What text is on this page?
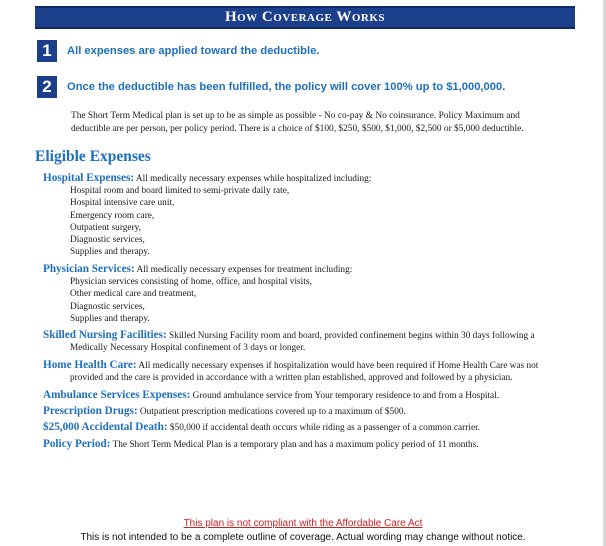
How Coverage Works
1	All expenses are applied toward the deductible.
2	Once the deductible has been fulfilled, the policy will cover 100% up to $1,000,000.
The Short Term Medical plan is set up to be as simple as possible - No co-pay & No coinsurance. Policy Maximum and
deductible are per person, per policy period. There is a choice of $100, $250, $500, $1,000, $2,500 or $5,000 deductible.
Eligible Expenses
Hospital Expenses: All medically necessary expenses while hospitalized including:
Hospital room and board limited to semi-private daily rate,
Hospital intensive care unit,
Emergency room care,
Outpatient surgery,
Diagnostic services,
Supplies and therapy.
Physician Services: All medically necessary expenses for treatment including:
Physician services consisting of home, office, and hospital visits,
Other medical care and treatment,
Diagnostic services,
Supplies and therapy.
Skilled Nursing Facilities: Skilled Nursing Facility room and board, provided confinement begins within 30 days following a
Medically Necessary Hospital confinement of 3 days or longer.
Home Health Care: All medically necessary expenses if hospitalization would have been required if Home Health Care was not
provided and the care is provided in accordance with a written plan established, approved and followed by a physician.
Ambulance Services Expenses: Ground ambulance service from Your temporary residence to and from a Hospital.
Prescription Drugs: Outpatient prescription medications covered up to a maximum of $500.
$25,000 Accidental Death: $50,000 if accidental death occurs while riding as a passenger of a common carrier.
Policy Period: The Short Term Medical Plan is a temporary plan and has a maximum policy period of 11 months.
This plan is not compliant with the Affordable Care Act
This is not intended to be a complete outline of coverage. Actual wording may change without notice.
